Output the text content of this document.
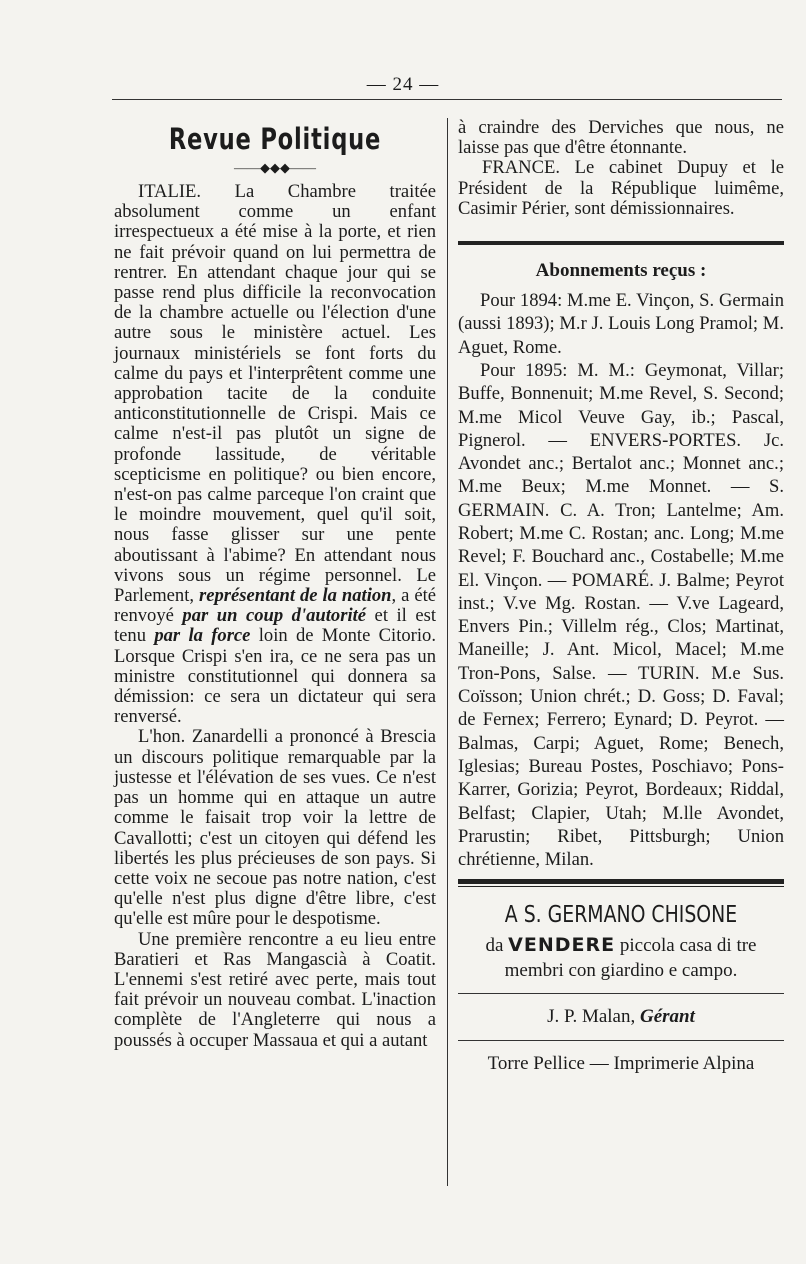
— 24 —
Revue Politique
——◆◆◆——

ITALIE. La Chambre traitée absolument comme un enfant irrespectueux a été mise à la porte, et rien ne fait prévoir quand on lui permettra de rentrer. En attendant chaque jour qui se passe rend plus difficile la reconvocation de la chambre actuelle ou l'élection d'une autre sous le ministère actuel. Les journaux ministériels se font forts du calme du pays et l'interprêtent comme une approbation tacite de la conduite anticonstitutionnelle de Crispi. Mais ce calme n'est-il pas plutôt un signe de profonde lassitude, de véritable scepticisme en politique? ou bien encore, n'est-on pas calme parceque l'on craint que le moindre mouvement, quel qu'il soit, nous fasse glisser sur une pente aboutissant à l'abime? En attendant nous vivons sous un régime personnel. Le Parlement, représentant de la nation, a été renvoyé par un coup d'autorité et il est tenu par la force loin de Monte Citorio. Lorsque Crispi s'en ira, ce ne sera pas un ministre constitutionnel qui donnera sa démission: ce sera un dictateur qui sera renversé.

L'hon. Zanardelli a prononcé à Brescia un discours politique remarquable par la justesse et l'élévation de ses vues. Ce n'est pas un homme qui en attaque un autre comme le faisait trop voir la lettre de Cavallotti; c'est un citoyen qui défend les libertés les plus précieuses de son pays. Si cette voix ne secoue pas notre nation, c'est qu'elle n'est plus digne d'être libre, c'est qu'elle est mûre pour le despotisme.

Une première rencontre a eu lieu entre Baratieri et Ras Mangascià à Coatit. L'ennemi s'est retiré avec perte, mais tout fait prévoir un nouveau combat. L'inaction complète de l'Angleterre qui nous a poussés à occuper Massaua et qui a autant

à craindre des Derviches que nous, ne laisse pas que d'être étonnante.

FRANCE. Le cabinet Dupuy et le Président de la République luimême, Casimir Périer, sont démissionnaires.

Abonnements reçus :

Pour 1894: M.me E. Vinçon, S. Germain (aussi 1893); M.r J. Louis Long Pramol; M. Aguet, Rome.

Pour 1895: M. M.: Geymonat, Villar; Buffe, Bonnenuit; M.me Revel, S. Second; M.me Micol Veuve Gay, ib.; Pascal, Pignerol. — ENVERS-PORTES. Jc. Avondet anc.; Bertalot anc.; Monnet anc.; M.me Beux; M.me Monnet. — S. GERMAIN. C. A. Tron; Lantelme; Am. Robert; M.me C. Rostan; anc. Long; M.me Revel; F. Bouchard anc., Costabelle; M.me El. Vinçon. — POMARÉ. J. Balme; Peyrot inst.; V.ve Mg. Rostan. — V.ve Lageard, Envers Pin.; Villelm rég., Clos; Martinat, Maneille; J. Ant. Micol, Macel; M.me Tron-Pons, Salse. — TURIN. M.e Sus. Coïsson; Union chrét.; D. Goss; D. Faval; de Fernex; Ferrero; Eynard; D. Peyrot. — Balmas, Carpi; Aguet, Rome; Benech, Iglesias; Bureau Postes, Poschiavo; Pons-Karrer, Gorizia; Peyrot, Bordeaux; Riddal, Belfast; Clapier, Utah; M.lle Avondet, Prarustin; Ribet, Pittsburgh; Union chrétienne, Milan.

A S. GERMANO CHISONE

da VENDERE piccola casa di tre membri con giardino e campo.

J. P. Malan, Gérant

Torre Pellice — Imprimerie Alpina
